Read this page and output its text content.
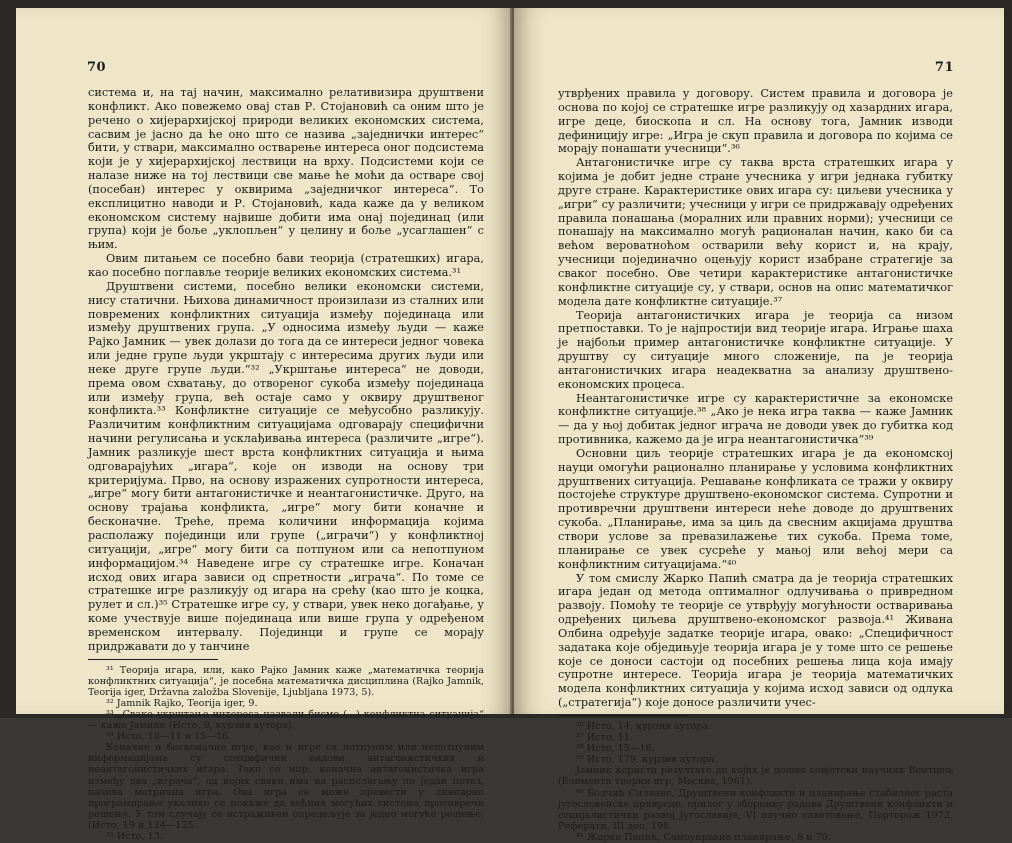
70

систeма и, на тај начин, максимално релативизира друштвени конфликт. Ако повежемо овај став Р. Стојановић са оним што је речено о хијерархијској природи великих економских система, сасвим је јасно да ће оно што се назива „заједнички интерес“ бити, у ствари, максимално остварење интереса оног подсистема који је у хијерархијској лествици на врху. Подсистеми који се налазе ниже на тој лествици све мање ће моћи да остваре свој (посебан) интерес у оквирима „заједничког интереса“. То експлицитно наводи и Р. Стојановић, када каже да у великом економском систему највише добити има онај појединац (или група) који је боље „уклопљен“ у целину и боље „усаглашен“ с њим.

Овим питањем се посебно бави теорија (стратешких) игара, као посебно поглавље теорије великих економских система.³¹

Друштвени системи, посебно велики економски системи, нису статични. Њихова динамичност произилази из сталних или повремених конфликтних ситуација између појединаца или између друштвених група. „У односима између људи — каже Рајко Јамник — увек долази до тога да се интереси једног човека или једне групе људи укрштају с интересима других људи или неке друге групе људи.“³² „Укрштање интереса“ не доводи, према овом схватању, до отвореног сукоба између појединаца или између група, већ остаје само у оквиру друштвеног конфликта.³³ Конфликтне ситуације се међусобно разликују. Различитим конфликтним ситуацијама одговарају специфични начини регулисања и усклађивања интереса (различите „игре“). Јамник разликује шест врста конфликтних ситуација и њима одговарајућих „игара“, које он изводи на основу три критеријума. Прво, на основу изражених супротности интереса, „игре“ могу бити антагонистичке и неантагонистичке. Друго, на основу трајања конфликта, „игре“ могу бити коначне и бесконачне. Треће, према количини информација којима располажу појединци или групе („играчи“) у конфликтној ситуацији, „игре“ могу бити са потпуном или са непотпуном информацијом.³⁴ Наведене игре су стратешке игре. Коначан исход ових игара зависи од спретности „играча“. По томе се стратешке игре разликују од игара на срећу (као што је коцка, рулет и сл.)³⁵ Стратешке игре су, у ствари, увек нeко догађање, у коме учествује више појединаца или више група у одређеном временском интервалу. Појединци и групе се морају придржавати до у танчине

³¹ Теорија игара, или, како Рајко Јамник каже „математичка теорија конфликтних ситуација“, је посебна математичка дисциплина (Rajko Jamnik, Teorija iger, Državna založba Slovenije, Ljubljana 1973, 5).

³² Jamnik Rajko, Teorija iger, 9.

³³ „Свако укрштање интереса назвали бисмо (...) конфликтна ситуација“ — каже Јамник (Исто, 9, курзив аутора).

³⁴ Исто, 10—11 и 15—16.

Коначне и бесконачне игре, као и игре са потпуним или непотпуним информацијама су специфични видови антагонистичких и неантагонистичких игара. Тако се нпр. коначна антагонистичка игра између два „играча“, од којих сваки има на располагању по један потез, назива матрична игра. Ова игра се може превести у линеарно програмирање уколико се покаже да већина могућих система противречи решењу. У том случају се истраживан опредељује за једно могуће решење. (Исто, 19 и 124—125.

³⁵ Исто, 13.

71

утврђених правила у договору. Систем правила и договора је основа по којој се стратешке игре разликују од хазардних игара, игре деце, биоскопа и сл. На основу тога, Јамник изводи дефиницију игре: „Игра је скуп правила и договора по којима се морају понашати учесници“.³⁶

Антагонистичке игре су таква врста стратешких игара у којима је добит једне стране учесника у игри једнака губитку друге стране. Карактеристике ових игара су: циљеви учесника у „игри“ су различити; учесници у игри се придржавају одређених правила понашања (моралних или правних норми); учесници се понашају на максимално могућ рационалан начин, како би са већом вероватноћом остварили већу корист и, на крају, учесници појединачно оцењују корист изабране стратегије за сваког посебно. Ове четири карактеристике антагонистичке конфликтне ситуације су, у ствари, основ на опис математичког модела дате конфликтне ситуације.³⁷

Теорија антагонистичких игара је теорија са низом претпоставки. То је најпростији вид теорије игара. Игрaње шаха је најбољи пример антагонистичке конфликтне ситуације. У друштву су ситуације много сложеније, па је теорија антагонистичких игара неадекватна за анализу друштвено-економских процеса.

Неантагонистичке игре су карактеристичне за економске конфликтне ситуације.³⁸ „Ако је нека игра таква — каже Јамник — да у њој добитак једног играча не доводи увек до губитка код противника, кажемо да је игра неантагонистичка“³⁹

Основни циљ теорије стратешких игара је да економској науци омогући рационално планирање у условима конфликтних друштвених ситуација. Решавање конфликата се тражи у оквиру постојеће структуре друштвено-економског система. Супротни и противречни друштвени интереси неће доводе до друштвених сукоба. „Планирање, има за циљ да свесним акцијама друштва створи услове за превазилажење тих сукоба. Према томе, планирање се увек сусреће у мањој или већој мери са конфликтним ситуацијама.“⁴⁰

У том смислу Жарко Папић сматра да је теорија стратешких игара један од метода оптималног одлучивања о привредном развоју. Помоћу те теорије се утврђују могућности остваривања одређених циљева друштвено-економског развоја.⁴¹ Живана Олбина одређује задатке теорије игара, овако: „Специфичност задатака које обједињује теорија игара је у томе што се решење које се доноси састоји од посебних решења лица која имају супротне интересе. Теорија игара је теорија математичких модела конфликтних ситуација у којима исход зависи од одлука („стратегија“) које доносе различити учес-

³⁶ Исто, 14, курзив аутора.

³⁷ Исто, 11.

³⁸ Исто, 15—16.

³⁹ Исто, 179, курзив аутора.

Јамник користи резултате до којих је дошао совјетски научник Вентцељ (Елементи теории игр, Москва, 1961).

⁴⁰ Болчић Силвано, Друштвени конфликти и планирање стабилног раста југословенске привреде, прилог у зборнику радова Друштвени конфликти и социјалистички развој Југославије, VI научно саветовање, Порторож 1972, Реферати, III део, 198.

⁴¹ Жарко Папић, Самоуправно планирање, 8 и 70.
